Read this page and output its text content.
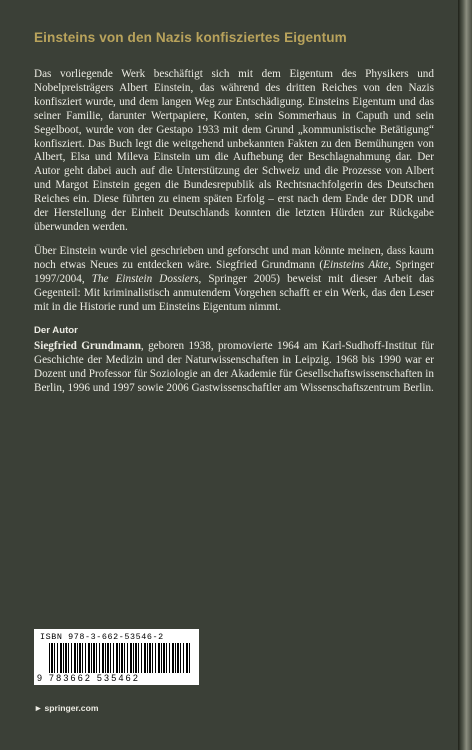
Einsteins von den Nazis konfisziertes Eigentum

Das vorliegende Werk beschäftigt sich mit dem Eigentum des Physikers und Nobelpreisträgers Albert Einstein, das während des dritten Reiches von den Nazis konfisziert wurde, und dem langen Weg zur Entschädigung. Einsteins Eigentum und das seiner Familie, darunter Wertpapiere, Konten, sein Sommerhaus in Caputh und sein Segelboot, wurde von der Gestapo 1933 mit dem Grund „kommunistische Betätigung“ konfisziert. Das Buch legt die weitgehend unbekannten Fakten zu den Bemühungen von Albert, Elsa und Mileva Einstein um die Aufhebung der Beschlagnahmung dar. Der Autor geht dabei auch auf die Unterstützung der Schweiz und die Prozesse von Albert und Margot Einstein gegen die Bundesrepublik als Rechtsnachfolgerin des Deutschen Reiches ein. Diese führten zu einem späten Erfolg – erst nach dem Ende der DDR und der Herstellung der Einheit Deutschlands konnten die letzten Hürden zur Rückgabe überwunden werden.

Über Einstein wurde viel geschrieben und geforscht und man könnte meinen, dass kaum noch etwas Neues zu entdecken wäre. Siegfried Grundmann (Einsteins Akte, Springer 1997/2004, The Einstein Dossiers, Springer 2005) beweist mit dieser Arbeit das Gegenteil: Mit kriminalistisch anmutendem Vorgehen schafft er ein Werk, das den Leser mit in die Historie rund um Einsteins Eigentum nimmt.

Der Autor

Siegfried Grundmann, geboren 1938, promovierte 1964 am Karl-Sudhoff-Institut für Geschichte der Medizin und der Naturwissenschaften in Leipzig. 1968 bis 1990 war er Dozent und Professor für Soziologie an der Akademie für Gesellschaftswissenschaften in Berlin, 1996 und 1997 sowie 2006 Gastwissenschaftler am Wissenschaftszentrum Berlin.

ISBN 978-3-662-53546-2
9 783662 535462
► springer.com
